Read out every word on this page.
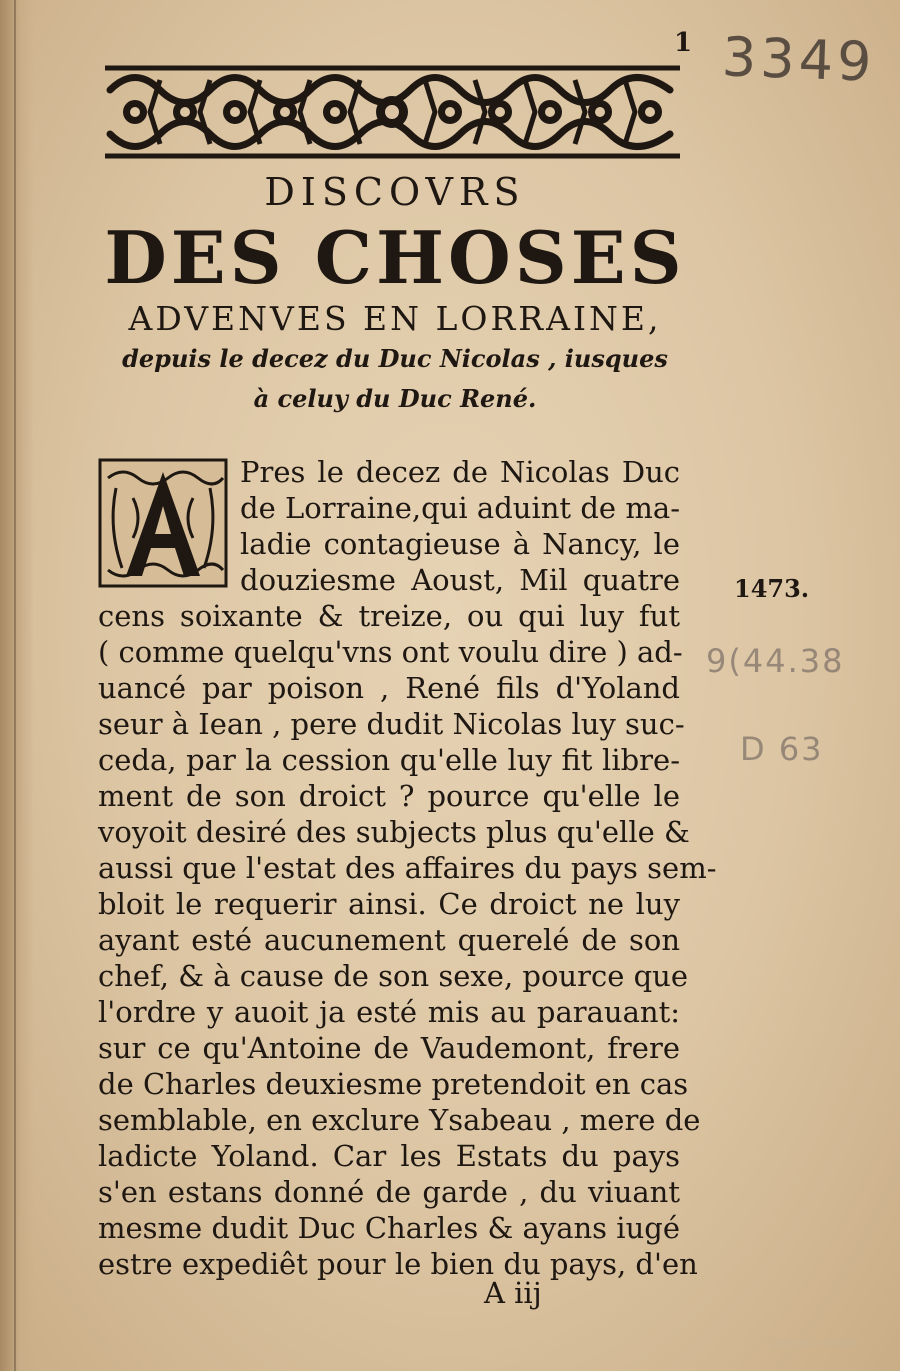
1 3349
DISCOVRS
DES CHOSES
ADVENVES EN LORRAINE,
depuis le decez du Duc Nicolas , iusques
à celuy du Duc René.
Pres le decez de Nicolas Duc
de Lorraine,qui aduint de ma-
ladie contagieuse à Nancy, le
douziesme Aoust, Mil quatre
cens soixante & treize, ou qui luy fut
( comme quelqu'vns ont voulu dire ) ad-
uancé par poison , René fils d'Yoland
seur à Iean , pere dudit Nicolas luy suc-
ceda, par la cession qu'elle luy fit libre-
ment de son droict ? pource qu'elle le
voyoit desiré des subjects plus qu'elle &
aussi que l'estat des affaires du pays sem-
bloit le requerir ainsi. Ce droict ne luy
ayant esté aucunement querelé de son
chef, & à cause de son sexe, pource que
l'ordre y auoit ja esté mis au parauant:
sur ce qu'Antoine de Vaudemont, frere
de Charles deuxiesme pretendoit en cas
semblable, en exclure Ysabeau , mere de
ladicte Yoland. Car les Estats du pays
s'en estans donné de garde , du viuant
mesme dudit Duc Charles & ayans iugé
estre expediêt pour le bien du pays, d'en
1473.
9(44.38
D 63
A iij
Digitized by Google
